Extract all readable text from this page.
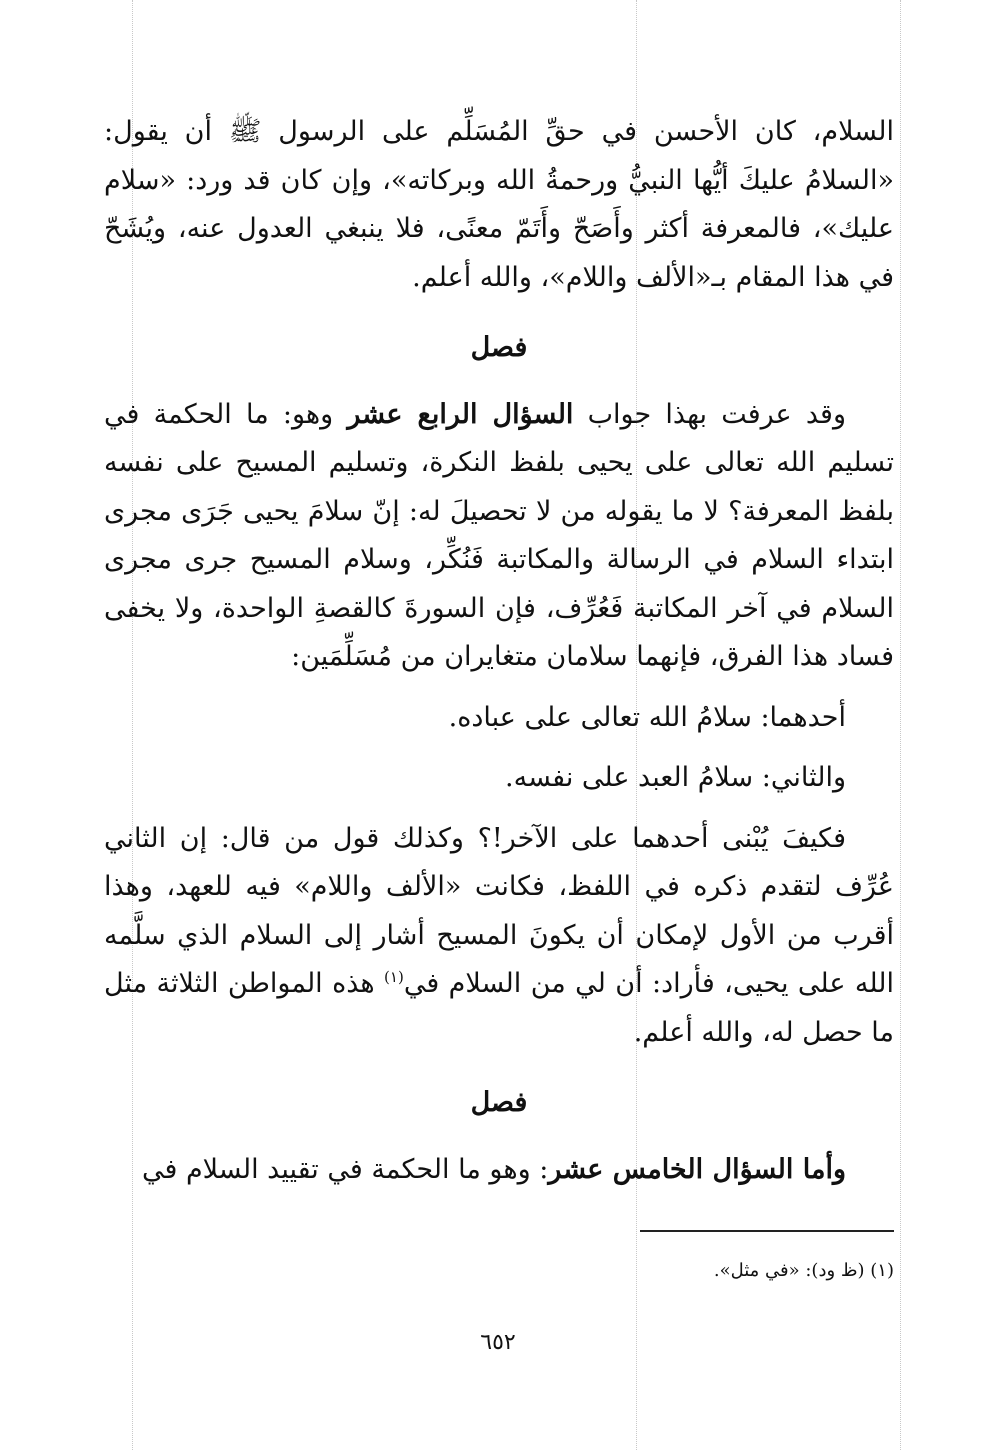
السلام، كان الأحسن في حقِّ المُسَلِّم على الرسول ﷺ أن يقول: «السلامُ عليكَ أيُّها النبيُّ ورحمةُ الله وبركاته»، وإن كان قد ورد: «سلام عليك»، فالمعرفة أكثر وأَصَحّ وأَتَمّ معنًى، فلا ينبغي العدول عنه، ويُشَحّ في هذا المقام بـ«الألف واللام»، والله أعلم.

فصل

وقد عرفت بهذا جواب السؤال الرابع عشر وهو: ما الحكمة في تسليم الله تعالى على يحيى بلفظ النكرة، وتسليم المسيح على نفسه بلفظ المعرفة؟ لا ما يقوله من لا تحصيلَ له: إنّ سلامَ يحيى جَرَى مجرى ابتداء السلام في الرسالة والمكاتبة فَنُكِّر، وسلام المسيح جرى مجرى السلام في آخر المكاتبة فَعُرِّف، فإن السورةَ كالقصةِ الواحدة، ولا يخفى فساد هذا الفرق، فإنهما سلامان متغايران من مُسَلِّمَين:

أحدهما: سلامُ الله تعالى على عباده.

والثاني: سلامُ العبد على نفسه.

فكيفَ يُبْنى أحدهما على الآخر!؟ وكذلك قول من قال: إن الثاني عُرِّف لتقدم ذكره في اللفظ، فكانت «الألف واللام» فيه للعهد، وهذا أقرب من الأول لإمكان أن يكونَ المسيح أشار إلى السلام الذي سلَّمه الله على يحيى، فأراد: أن لي من السلام في$^{(١)}$ هذه المواطن الثلاثة مثل ما حصل له، والله أعلم.

فصل

وأما السؤال الخامس عشر: وهو ما الحكمة في تقييد السلام في

(١) (ظ ود): «في مثل».
٦٥٢
